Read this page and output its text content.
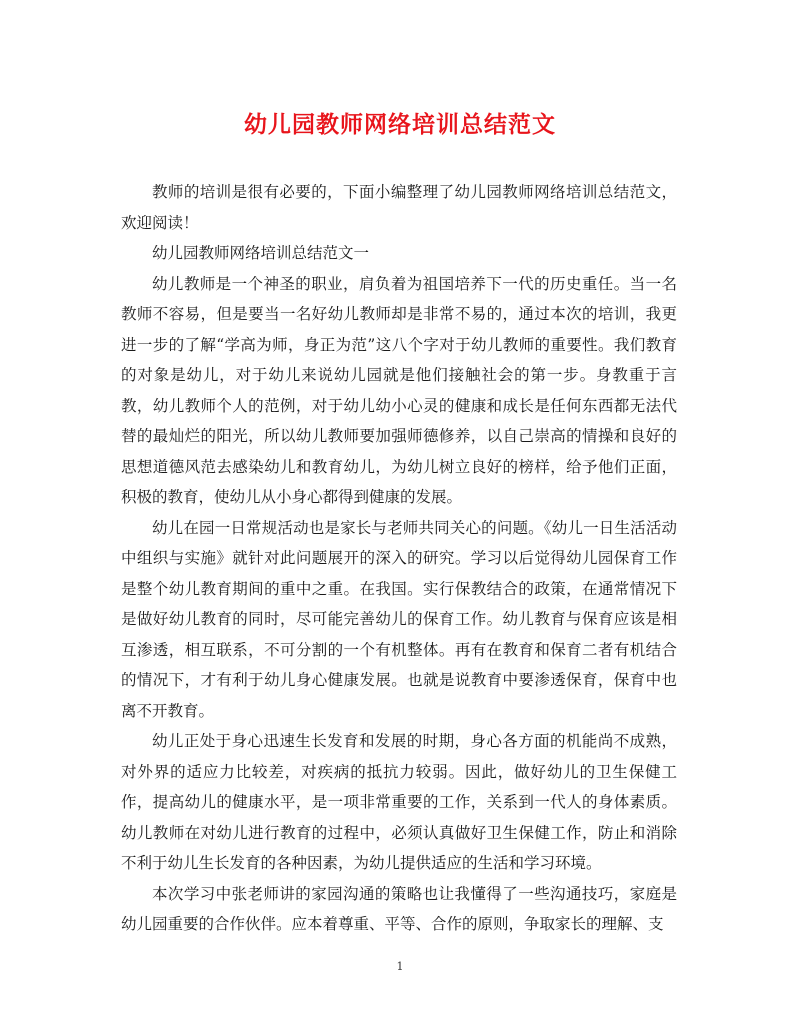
幼儿园教师网络培训总结范文

教师的培训是很有必要的，下面小编整理了幼儿园教师网络培训总结范文，欢迎阅读！

幼儿园教师网络培训总结范文一

幼儿教师是一个神圣的职业，肩负着为祖国培养下一代的历史重任。当一名教师不容易，但是要当一名好幼儿教师却是非常不易的，通过本次的培训，我更进一步的了解“学高为师，身正为范”这八个字对于幼儿教师的重要性。我们教育的对象是幼儿，对于幼儿来说幼儿园就是他们接触社会的第一步。身教重于言教，幼儿教师个人的范例，对于幼儿幼小心灵的健康和成长是任何东西都无法代替的最灿烂的阳光，所以幼儿教师要加强师德修养，以自己崇高的情操和良好的思想道德风范去感染幼儿和教育幼儿，为幼儿树立良好的榜样，给予他们正面，积极的教育，使幼儿从小身心都得到健康的发展。

幼儿在园一日常规活动也是家长与老师共同关心的问题。《幼儿一日生活活动中组织与实施》就针对此问题展开的深入的研究。学习以后觉得幼儿园保育工作是整个幼儿教育期间的重中之重。在我国。实行保教结合的政策，在通常情况下是做好幼儿教育的同时，尽可能完善幼儿的保育工作。幼儿教育与保育应该是相互渗透，相互联系，不可分割的一个有机整体。再有在教育和保育二者有机结合的情况下，才有利于幼儿身心健康发展。也就是说教育中要渗透保育，保育中也离不开教育。

幼儿正处于身心迅速生长发育和发展的时期，身心各方面的机能尚不成熟，对外界的适应力比较差，对疾病的抵抗力较弱。因此，做好幼儿的卫生保健工作，提高幼儿的健康水平，是一项非常重要的工作，关系到一代人的身体素质。幼儿教师在对幼儿进行教育的过程中，必须认真做好卫生保健工作，防止和消除不利于幼儿生长发育的各种因素，为幼儿提供适应的生活和学习环境。

本次学习中张老师讲的家园沟通的策略也让我懂得了一些沟通技巧，家庭是幼儿园重要的合作伙伴。应本着尊重、平等、合作的原则，争取家长的理解、支

1
